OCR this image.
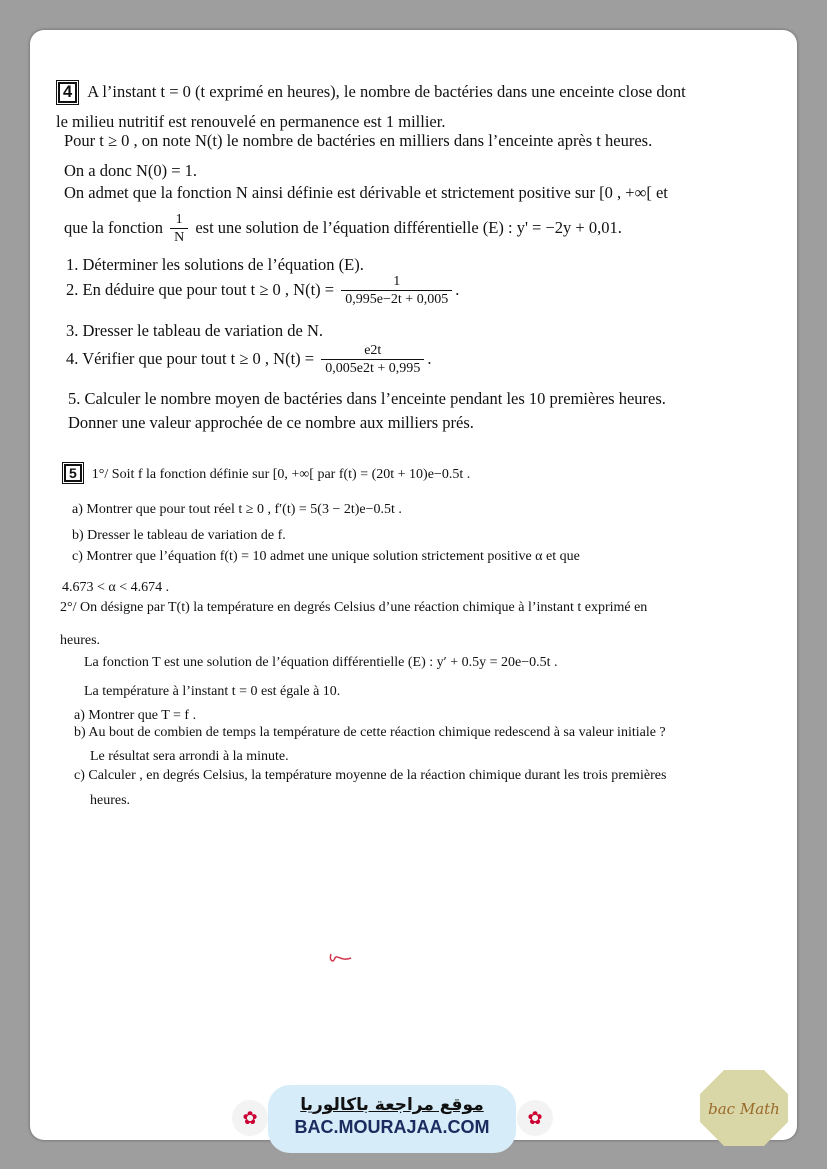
4 A l’instant t = 0 (t exprimé en heures), le nombre de bactéries dans une enceinte close dont
le milieu nutritif est renouvelé en permanence est 1 millier.
Pour t ≥ 0 , on note N(t) le nombre de bactéries en milliers dans l’enceinte après t heures.
On a donc N(0) = 1.
On admet que la fonction N ainsi définie est dérivable et strictement positive sur [0 , +∞[ et
que la fonction $\frac{1}{N}$ est une solution de l’équation différentielle (E) : y' = −2y + 0,01.
1. Déterminer les solutions de l’équation (E).
2. En déduire que pour tout t ≥ 0 , $N(t) = \frac{1}{0,995e-2t + 0,005}$ .
3. Dresser le tableau de variation de N.
4. Vérifier que pour tout t ≥ 0 , $N(t) = \frac{e2t}{0,005e2t + 0,995}$ .
5. Calculer le nombre moyen de bactéries dans l’enceinte pendant les 10 premières heures.
Donner une valeur approchée de ce nombre aux milliers prés.
5 1°/ Soit f la fonction définie sur [0, +∞[ par f(t) = (20t + 10)e−0.5t .
a) Montrer que pour tout réel t ≥ 0 , f′(t) = 5(3 − 2t)e−0.5t .
b) Dresser le tableau de variation de f.
c) Montrer que l’équation f(t) = 10 admet une unique solution strictement positive α et que
4.673 < α < 4.674 .
2°/ On désigne par T(t) la température en degrés Celsius d’une réaction chimique à l’instant t exprimé en
heures.
La fonction T est une solution de l’équation différentielle (E) : y′ + 0.5y = 20e−0.5t .
La température à l’instant t = 0 est égale à 10.
a) Montrer que T = f .
b) Au bout de combien de temps la température de cette réaction chimique redescend à sa valeur initiale ?
Le résultat sera arrondi à la minute.
c) Calculer , en degrés Celsius, la température moyenne de la réaction chimique durant les trois premières
heures.
✿
موقع مراجعة باكالوريا
BAC.MOURAJAA.COM	✿	bac Math
